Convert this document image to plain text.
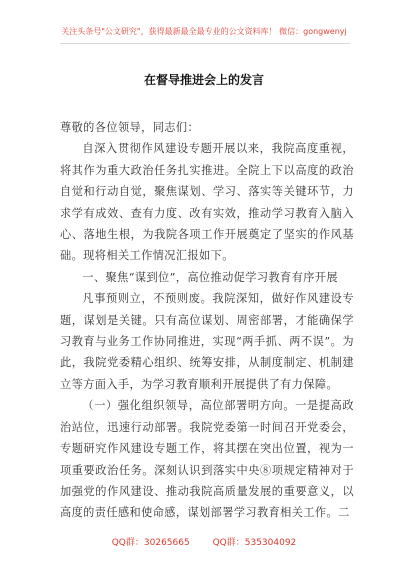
关注头条号"公文研究"，获得最新最全最专业的公文资料库！ 微信：gongwenyj
在督导推进会上的发言

尊敬的各位领导，同志们：

自深入贯彻作风建设专题开展以来，我院高度重视，将其作为重大政治任务扎实推进。全院上下以高度的政治自觉和行动自觉，聚焦谋划、学习、落实等关键环节，力求学有成效、查有力度、改有实效，推动学习教育入脑入心、落地生根，为我院各项工作开展奠定了坚实的作风基础。现将相关工作情况汇报如下。

一、聚焦“谋到位”，高位推动促学习教育有序开展

凡事预则立，不预则废。我院深知，做好作风建设专题，谋划是关键。只有高位谋划、周密部署，才能确保学习教育与业务工作协同推进，实现“两手抓、两不误”。为此，我院党委精心组织、统筹安排，从制度制定、机制建立等方面入手，为学习教育顺利开展提供了有力保障。

（一）强化组织领导，高位部署明方向。一是提高政治站位，迅速行动部署。我院党委第一时间召开党委会，专题研究作风建设专题工作，将其摆在突出位置，视为一项重要政治任务。深刻认识到落实中央⑧项规定精神对于加强党的作风建设、推动我院高质量发展的重要意义，以高度的责任感和使命感，谋划部署学习教育相关工作。二

QQ群：30265665	QQ群：535304092
